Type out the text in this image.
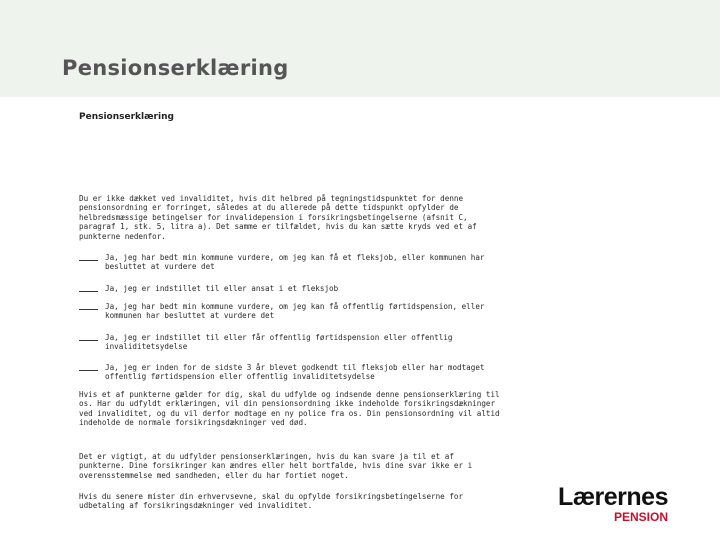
Pensionserklæring
Pensionserklæring
Du er ikke dækket ved invaliditet, hvis dit helbred på tegningstidspunktet for denne pensionsordning er forringet, således at du allerede på dette tidspunkt opfylder de helbredsmæssige betingelser for invalidepension i forsikringsbetingelserne (afsnit C, paragraf 1, stk. 5, litra a). Det samme er tilfældet, hvis du kan sætte kryds ved et af punkterne nedenfor.
Ja, jeg har bedt min kommune vurdere, om jeg kan få et fleksjob, eller kommunen har besluttet at vurdere det
Ja, jeg er indstillet til eller ansat i et fleksjob
Ja, jeg har bedt min kommune vurdere, om jeg kan få offentlig førtidspension, eller kommunen har besluttet at vurdere det
Ja, jeg er indstillet til eller får offentlig førtidspension eller offentlig invaliditetsydelse
Ja, jeg er inden for de sidste 3 år blevet godkendt til fleksjob eller har modtaget offentlig førtidspension eller offentlig invaliditetsydelse
Hvis et af punkterne gælder for dig, skal du udfylde og indsende denne pensionserklæring til os. Har du udfyldt erklæringen, vil din pensionsordning ikke indeholde forsikringsdækninger ved invaliditet, og du vil derfor modtage en ny police fra os. Din pensionsordning vil altid indeholde de normale forsikringsdækninger ved død.
Det er vigtigt, at du udfylder pensionserklæringen, hvis du kan svare ja til et af punkterne. Dine forsikringer kan ændres eller helt bortfalde, hvis dine svar ikke er i overensstemmelse med sandheden, eller du har fortiet noget.
Hvis du senere mister din erhvervsevne, skal du opfylde forsikringsbetingelserne for udbetaling af forsikringsdækninger ved invaliditet.	Lærernes
PENSION
